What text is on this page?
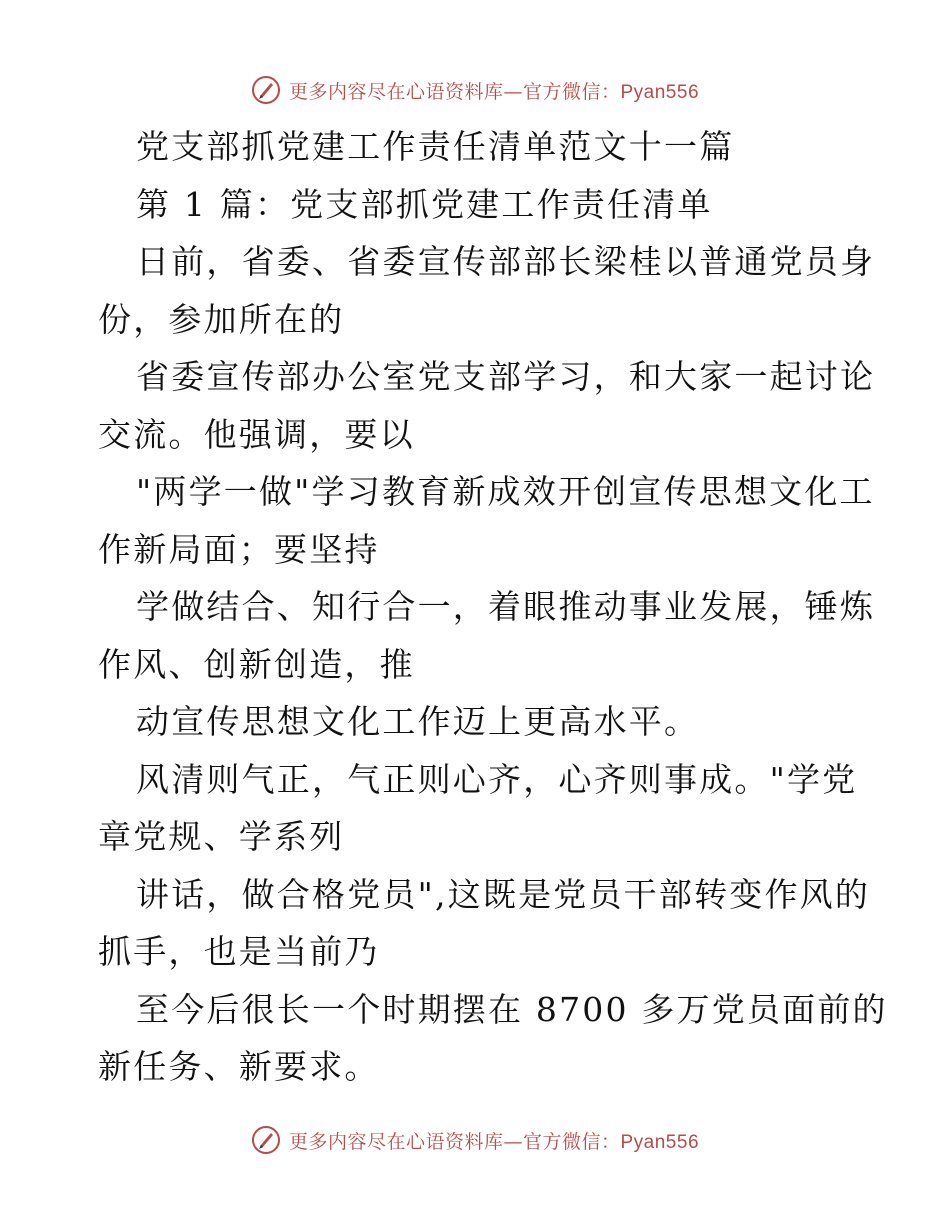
更多内容尽在心语资料库—官方微信：Pyan556
党支部抓党建工作责任清单范文十一篇
第 1 篇：党支部抓党建工作责任清单
日前，省委、省委宣传部部长梁桂以普通党员身
份，参加所在的
省委宣传部办公室党支部学习，和大家一起讨论
交流。他强调，要以
"两学一做"学习教育新成效开创宣传思想文化工
作新局面；要坚持
学做结合、知行合一，着眼推动事业发展，锤炼
作风、创新创造，推
动宣传思想文化工作迈上更高水平。
风清则气正，气正则心齐，心齐则事成。"学党
章党规、学系列
讲话，做合格党员",这既是党员干部转变作风的
抓手，也是当前乃
至今后很长一个时期摆在 8700 多万党员面前的
新任务、新要求。
更多内容尽在心语资料库—官方微信：Pyan556
